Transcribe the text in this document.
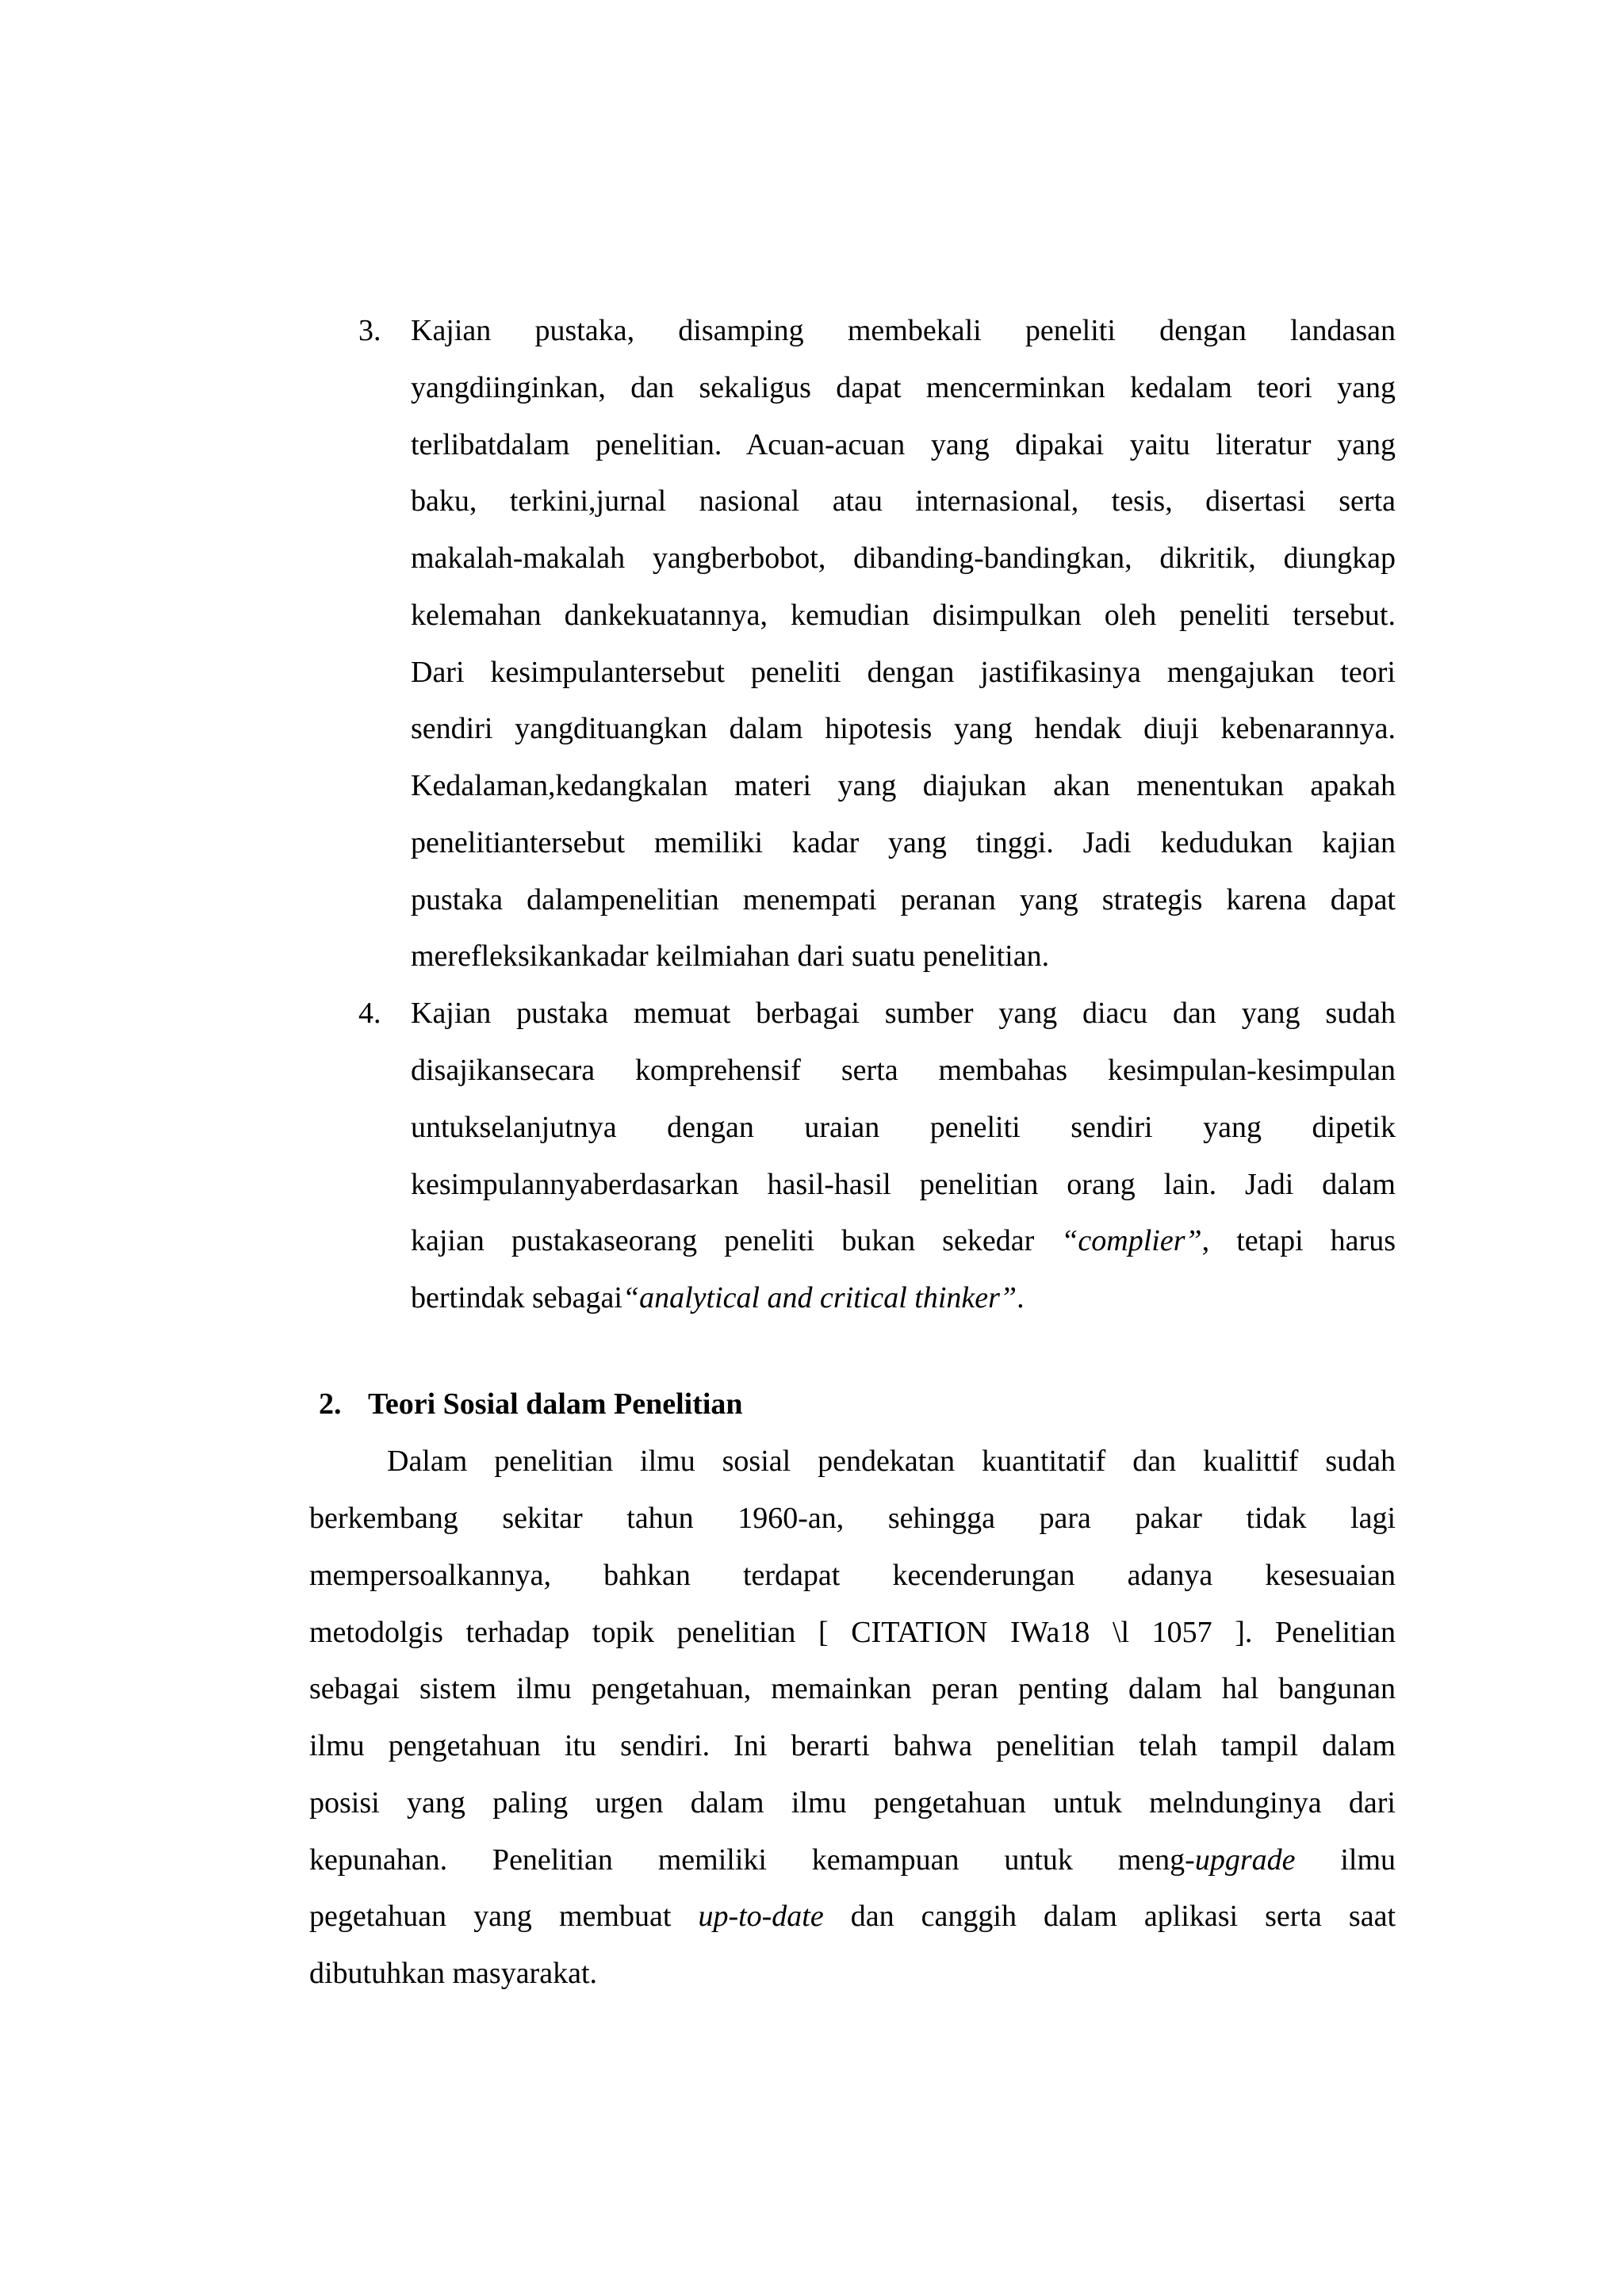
3. Kajian pustaka, disamping membekali peneliti dengan landasan

yangdiinginkan, dan sekaligus dapat mencerminkan kedalam teori yang

terlibatdalam penelitian. Acuan-acuan yang dipakai yaitu literatur yang

baku, terkini,jurnal nasional atau internasional, tesis, disertasi serta

makalah-makalah yangberbobot, dibanding-bandingkan, dikritik, diungkap

kelemahan dankekuatannya, kemudian disimpulkan oleh peneliti tersebut.

Dari kesimpulantersebut peneliti dengan jastifikasinya mengajukan teori

sendiri yangdituangkan dalam hipotesis yang hendak diuji kebenarannya.

Kedalaman,kedangkalan materi yang diajukan akan menentukan apakah

penelitiantersebut memiliki kadar yang tinggi. Jadi kedudukan kajian

pustaka dalampenelitian menempati peranan yang strategis karena dapat

merefleksikankadar keilmiahan dari suatu penelitian.

4. Kajian pustaka memuat berbagai sumber yang diacu dan yang sudah

disajikansecara komprehensif serta membahas kesimpulan-kesimpulan

untukselanjutnya dengan uraian peneliti sendiri yang dipetik

kesimpulannyaberdasarkan hasil-hasil penelitian orang lain. Jadi dalam

kajian pustakaseorang peneliti bukan sekedar “complier”, tetapi harus

bertindak sebagai“analytical and critical thinker”.

2. Teori Sosial dalam Penelitian

Dalam penelitian ilmu sosial pendekatan kuantitatif dan kualittif sudah

berkembang sekitar tahun 1960-an, sehingga para pakar tidak lagi

mempersoalkannya, bahkan terdapat kecenderungan adanya kesesuaian

metodolgis terhadap topik penelitian [ CITATION IWa18 \l 1057 ]. Penelitian

sebagai sistem ilmu pengetahuan, memainkan peran penting dalam hal bangunan

ilmu pengetahuan itu sendiri. Ini berarti bahwa penelitian telah tampil dalam

posisi yang paling urgen dalam ilmu pengetahuan untuk melndunginya dari

kepunahan. Penelitian memiliki kemampuan untuk meng-upgrade ilmu

pegetahuan yang membuat up-to-date dan canggih dalam aplikasi serta saat

dibutuhkan masyarakat.
